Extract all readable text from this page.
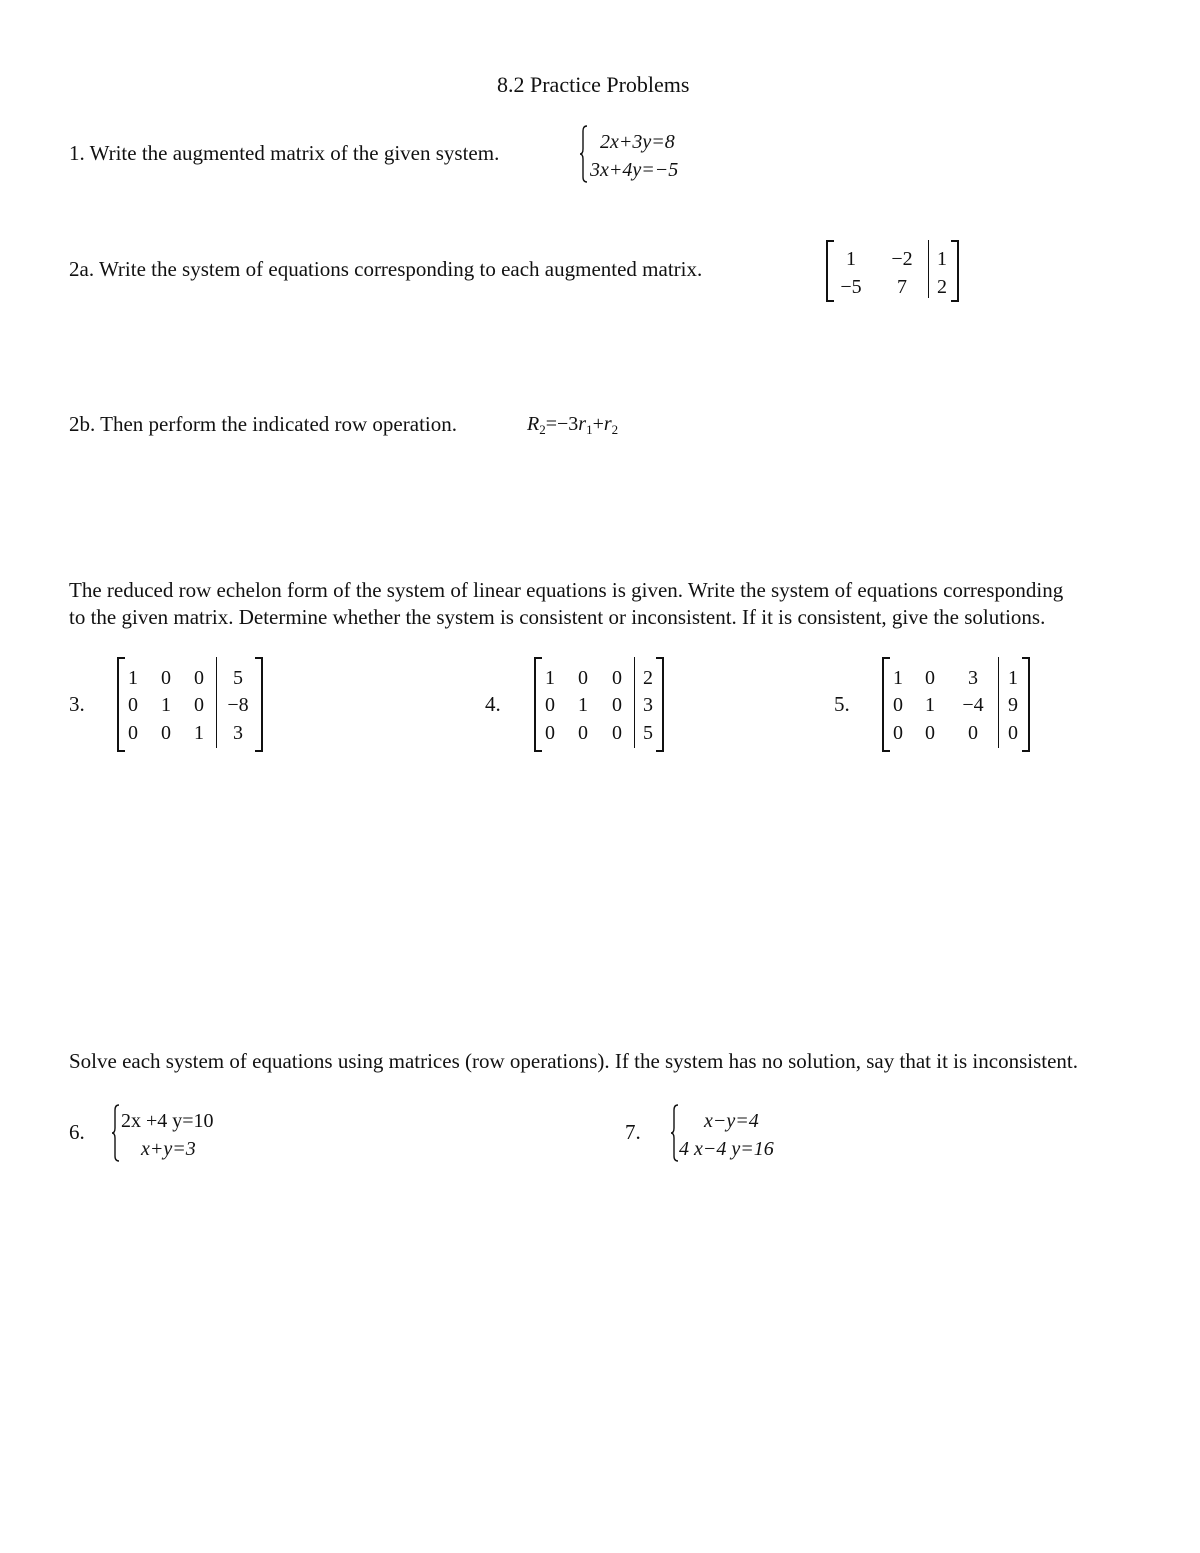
8.2 Practice Problems
1. Write the augmented matrix of the given system.	2x+3y=8
3x+4y=−5
2a. Write the system of equations corresponding to each augmented matrix.	1	−2	1
−5	7	2
2b. Then perform the indicated row operation.	$R_2=-3r_1+r_2$
The reduced row echelon form of the system of linear equations is given. Write the system of equations corresponding to the given matrix. Determine whether the system is consistent or inconsistent. If it is consistent, give the solutions.
3.
1 0 0	5
0 1 0	−8
0 0 1	3
4.
1 0 0 2
0 1 0 3
0 0 0 5
5.
1 0	3	1
0 1	−4	9
0 0	0	0
Solve each system of equations using matrices (row operations). If the system has no solution, say that it is inconsistent.
6. 2x +4 y=10
x+y=3
7.	x−y=4
4 x−4 y=16
